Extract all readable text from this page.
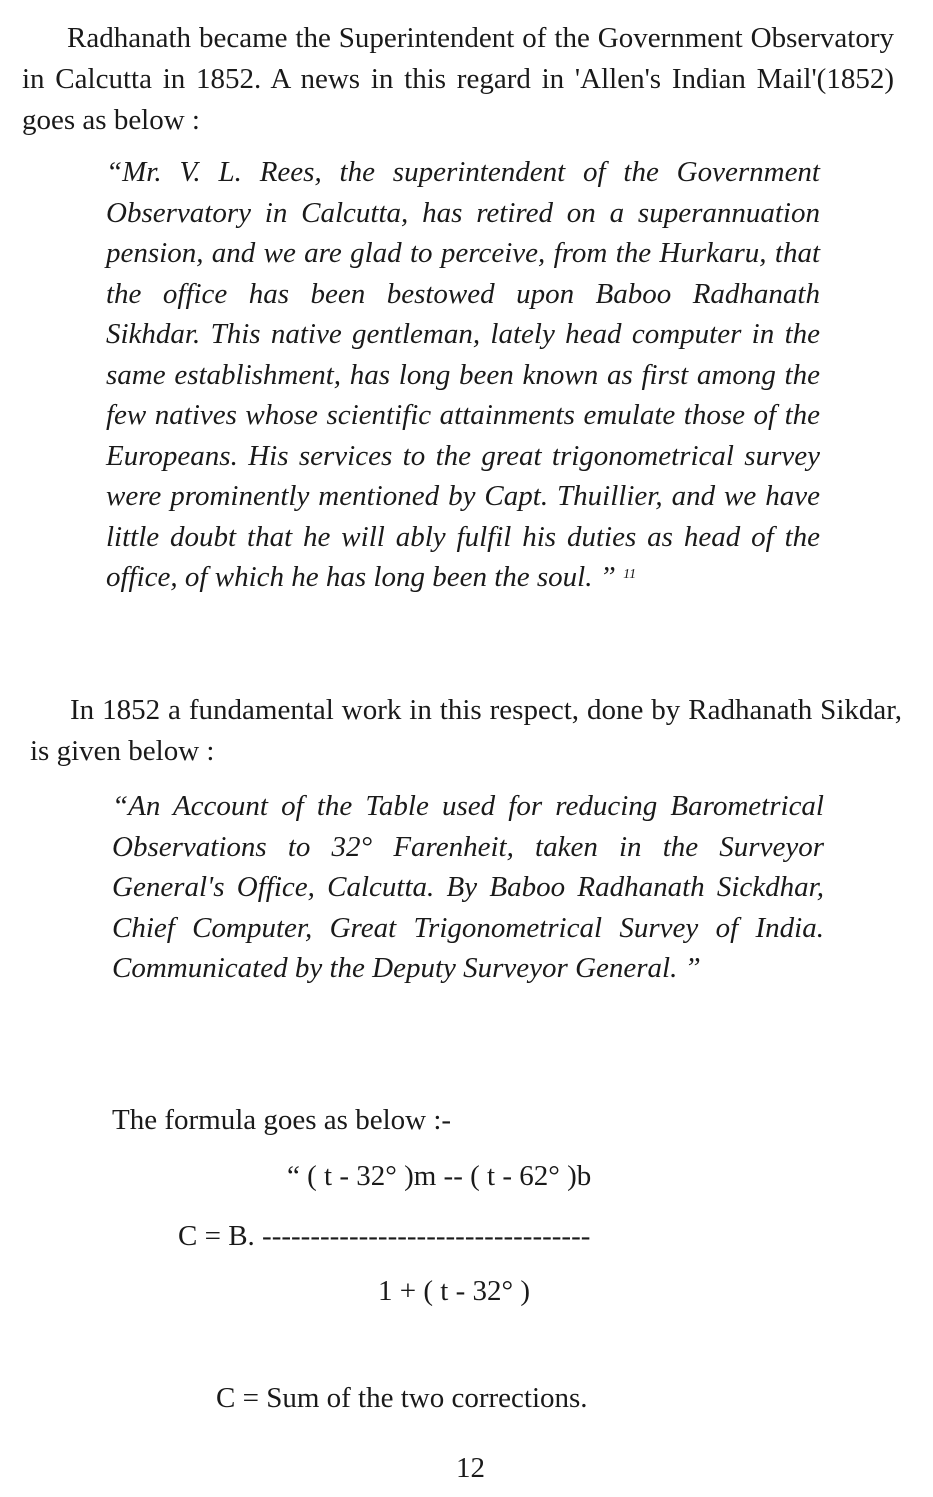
Radhanath became the Superintendent of the Government Observatory in Calcutta in 1852. A news in this regard in 'Allen's Indian Mail'(1852) goes as below :

“Mr. V. L. Rees, the superintendent of the Government Observatory in Calcutta, has retired on a superannuation pension, and we are glad to perceive, from the Hurkaru, that the office has been bestowed upon Baboo Radhanath Sikhdar. This native gentleman, lately head computer in the same establishment, has long been known as first among the few natives whose scientific attainments emulate those of the Europeans. His services to the great trigonometrical survey were prominently mentioned by Capt. Thuillier, and we have little doubt that he will ably fulfil his duties as head of the office, of which he has long been the soul. ” $^{11}$

In 1852 a fundamental work in this respect, done by Radhanath Sikdar, is given below :

“An Account of the Table used for reducing Barometrical Observations to 32° Farenheit, taken in the Surveyor General's Office, Calcutta. By Baboo Radhanath Sickdhar, Chief Computer, Great Trigonometrical Survey of India. Communicated by the Deputy Surveyor General. ”

The formula goes as below :-
“ ( t - 32° )m -- ( t - 62° )b
C = B. ----------------------------------
1 + ( t - 32° )
C = Sum of the two corrections.
12
